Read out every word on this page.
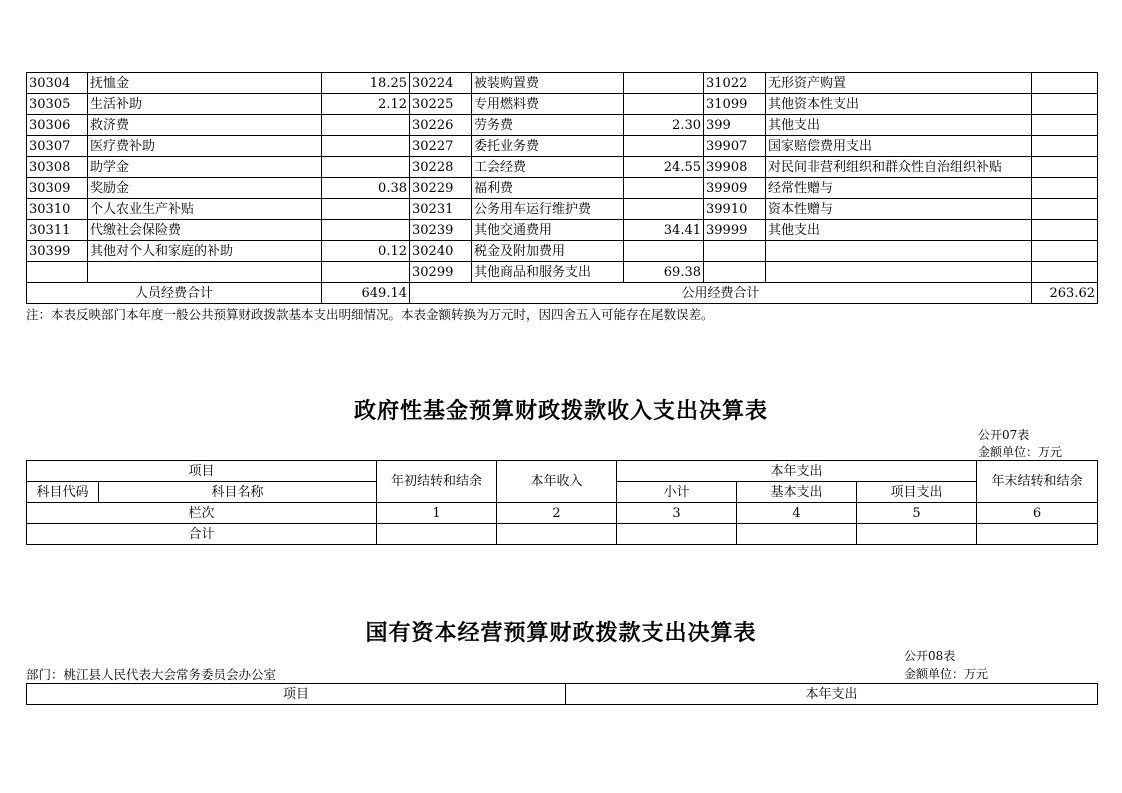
30304	抚恤金	18.25	30224	被装购置费		31022	无形资产购置	
30305	生活补助	2.12	30225	专用燃料费		31099	其他资本性支出	
30306	救济费		30226	劳务费	2.30	399	其他支出	
30307	医疗费补助		30227	委托业务费		39907	国家赔偿费用支出	
30308	助学金		30228	工会经费	24.55	39908	对民间非营利组织和群众性自治组织补贴	
30309	奖励金	0.38	30229	福利费		39909	经常性赠与	
30310	个人农业生产补贴		30231	公务用车运行维护费		39910	资本性赠与	
30311	代缴社会保险费		30239	其他交通费用	34.41	39999	其他支出	
30399	其他对个人和家庭的补助	0.12	30240	税金及附加费用				
			30299	其他商品和服务支出	69.38			
人员经费合计		649.14	公用经费合计					263.62
注：本表反映部门本年度一般公共预算财政拨款基本支出明细情况。本表金额转换为万元时，因四舍五入可能存在尾数误差。
政府性基金预算财政拨款收入支出决算表
公开07表
金额单位：万元
项目		年初结转和结余	本年收入	本年支出			年末结转和结余
科目代码	科目名称			小计	基本支出	项目支出	
栏次		1	2	3	4	5	6
合计							
国有资本经营预算财政拨款支出决算表
公开08表
金额单位：万元
部门：桃江县人民代表大会常务委员会办公室
项目	本年支出
